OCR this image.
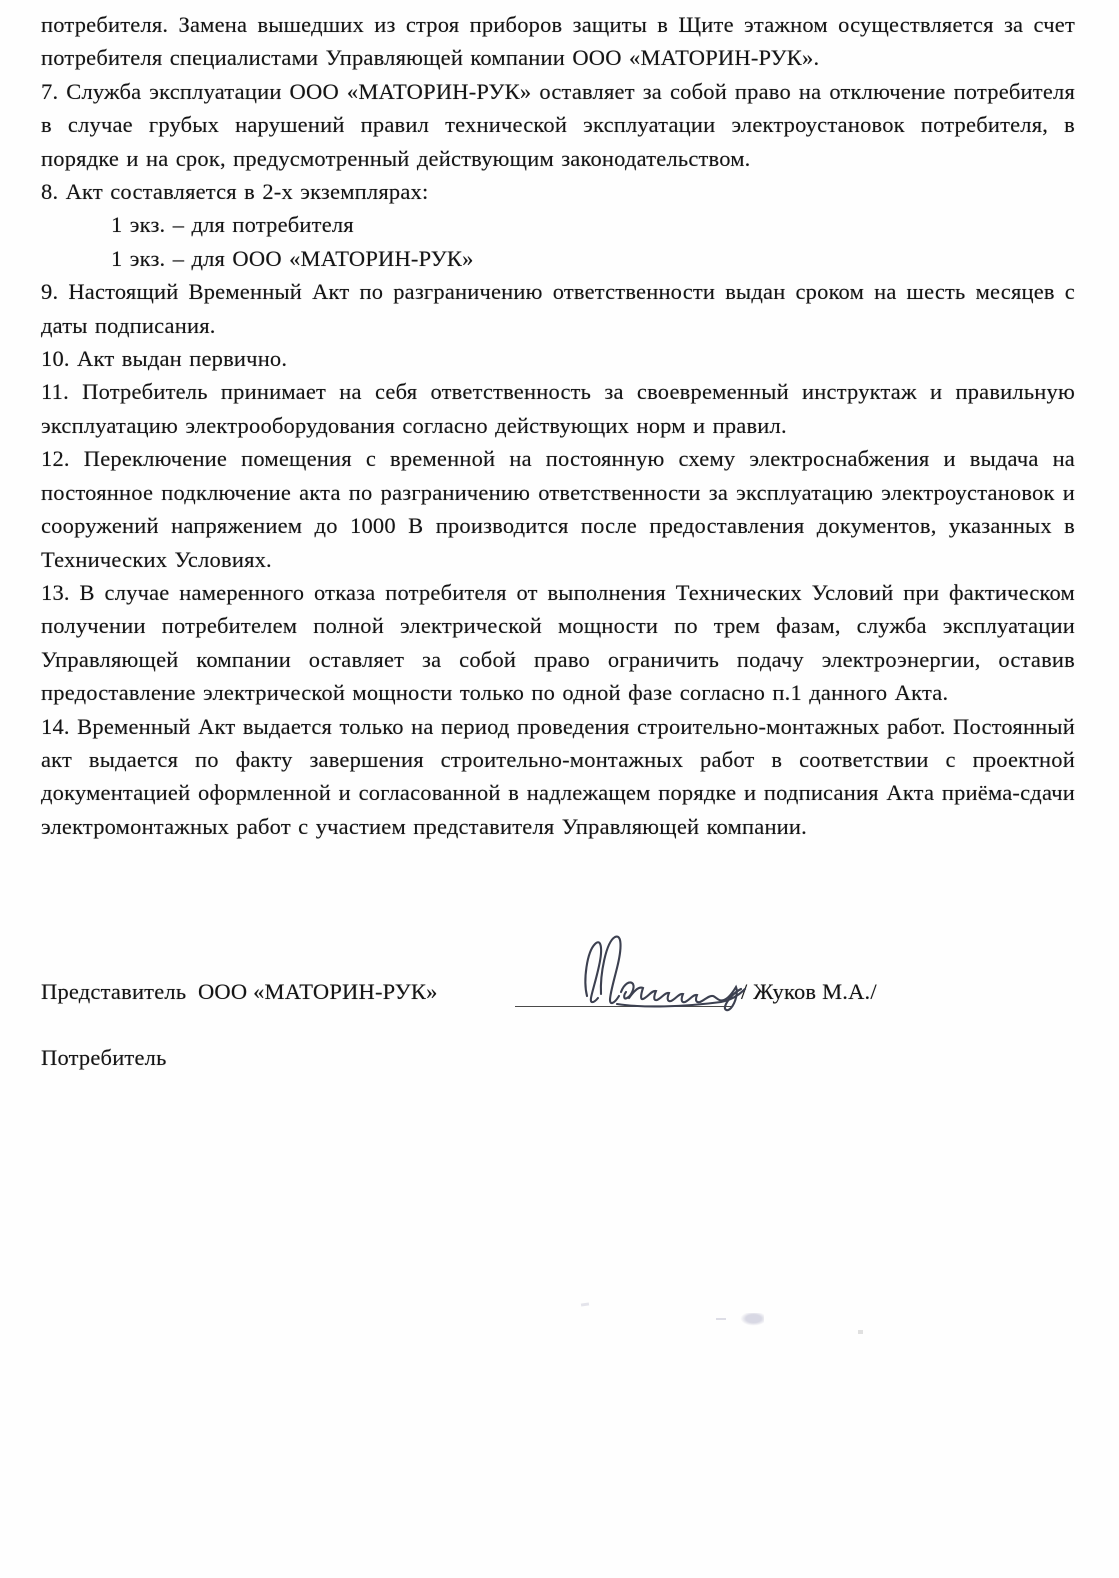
потребителя. Замена вышедших из строя приборов защиты в Щите этажном осуществляется за счет потребителя специалистами Управляющей компании ООО «МАТОРИН-РУК».

7. Служба эксплуатации ООО «МАТОРИН-РУК» оставляет за собой право на отключение потребителя в случае грубых нарушений правил технической эксплуатации электроустановок потребителя, в порядке и на срок, предусмотренный действующим законодательством.

8. Акт составляется в 2-х экземплярах:

1 экз. – для потребителя

1 экз. – для ООО «МАТОРИН-РУК»

9. Настоящий Временный Акт по разграничению ответственности выдан сроком на шесть месяцев с даты подписания.

10. Акт выдан первично.

11. Потребитель принимает на себя ответственность за своевременный инструктаж и правильную эксплуатацию электрооборудования согласно действующих норм и правил.

12. Переключение помещения с временной на постоянную схему электроснабжения и выдача на постоянное подключение акта по разграничению ответственности за эксплуатацию электроустановок и сооружений напряжением до 1000 В производится после предоставления документов, указанных в Технических Условиях.

13. В случае намеренного отказа потребителя от выполнения Технических Условий при фактическом получении потребителем полной электрической мощности по трем фазам, служба эксплуатации Управляющей компании оставляет за собой право ограничить подачу электроэнергии, оставив предоставление электрической мощности только по одной фазе согласно п.1 данного Акта.

14. Временный Акт выдается только на период проведения строительно-монтажных работ. Постоянный акт выдается по факту завершения строительно-монтажных работ в соответствии с проектной документацией оформленной и согласованной в надлежащем порядке и подписания Акта приёма-сдачи электромонтажных работ с участием представителя Управляющей компании.

Представитель  ООО «МАТОРИН-РУК»	/ Жуков М.А./
Потребитель
